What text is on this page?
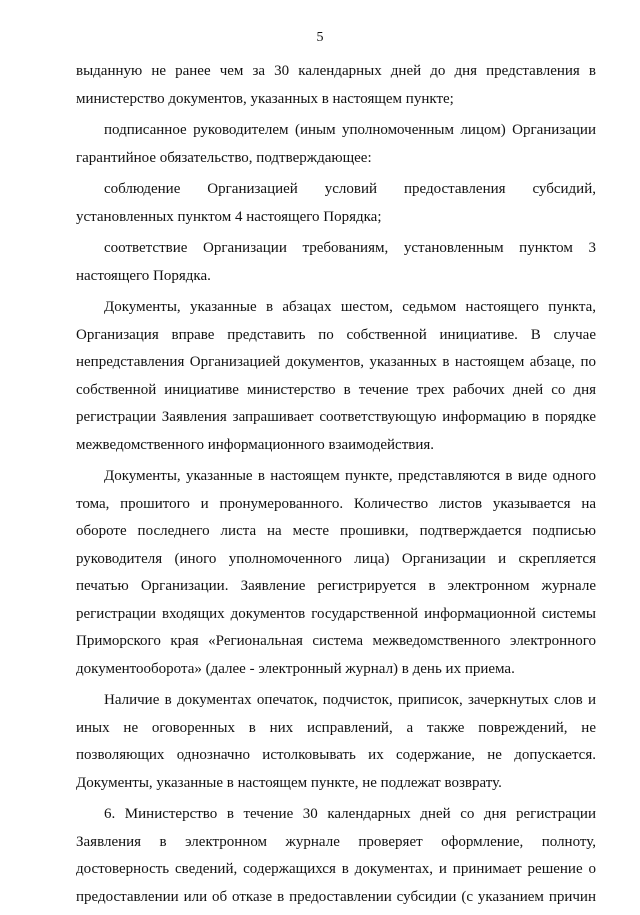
5

выданную не ранее чем за 30 календарных дней до дня представления в министерство документов, указанных в настоящем пункте;

подписанное руководителем (иным уполномоченным лицом) Организации гарантийное обязательство, подтверждающее:

соблюдение Организацией условий предоставления субсидий, установленных пунктом 4 настоящего Порядка;

соответствие Организации требованиям, установленным пунктом 3 настоящего Порядка.

Документы, указанные в абзацах шестом, седьмом настоящего пункта, Организация вправе представить по собственной инициативе. В случае непредставления Организацией документов, указанных в настоящем абзаце, по собственной инициативе министерство в течение трех рабочих дней со дня регистрации Заявления запрашивает соответствующую информацию в порядке межведомственного информационного взаимодействия.

Документы, указанные в настоящем пункте, представляются в виде одного тома, прошитого и пронумерованного. Количество листов указывается на обороте последнего листа на месте прошивки, подтверждается подписью руководителя (иного уполномоченного лица) Организации и скрепляется печатью Организации. Заявление регистрируется в электронном журнале регистрации входящих документов государственной информационной системы Приморского края «Региональная система межведомственного электронного документооборота» (далее - электронный журнал) в день их приема.

Наличие в документах опечаток, подчисток, приписок, зачеркнутых слов и иных не оговоренных в них исправлений, а также повреждений, не позволяющих однозначно истолковывать их содержание, не допускается. Документы, указанные в настоящем пункте, не подлежат возврату.

6. Министерство в течение 30 календарных дней со дня регистрации Заявления в электронном журнале проверяет оформление, полноту, достоверность сведений, содержащихся в документах, и принимает решение о предоставлении или об отказе в предоставлении субсидии (с указанием причин
